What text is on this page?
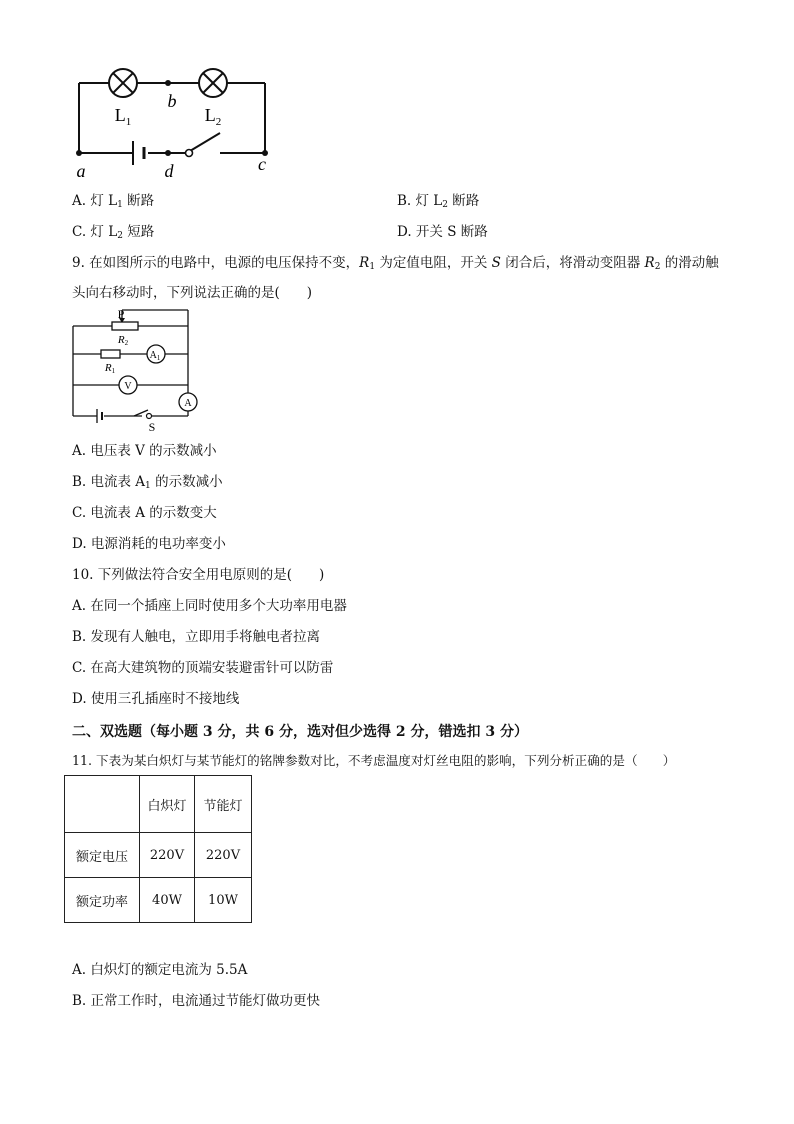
$L_1$	$L_2$
b
a	d	c
A. 灯 $L_1$ 断路	B. 灯 $L_2$ 断路
C. 灯 $L_2$ 短路	D. 开关 S 断路
9. 在如图所示的电路中，电源的电压保持不变，$R_1$ 为定值电阻，开关 S 闭合后，将滑动变阻器 $R_2$ 的滑动触
头向右移动时，下列说法正确的是(　　)
$A_1$
V
A
P
R2
R1
S
A. 电压表 V 的示数减小
B. 电流表 $A_1$ 的示数减小
C. 电流表 A 的示数变大
D. 电源消耗的电功率变小
10. 下列做法符合安全用电原则的是(　　)
A. 在同一个插座上同时使用多个大功率用电器
B. 发现有人触电，立即用手将触电者拉离
C. 在高大建筑物的顶端安装避雷针可以防雷
D. 使用三孔插座时不接地线
二、双选题（每小题 3 分，共 6 分，选对但少选得 2 分，错选扣 3 分）
11. 下表为某白炽灯与某节能灯的铭牌参数对比，不考虑温度对灯丝电阻的影响，下列分析正确的是（　　）
	白炽灯	节能灯
额定电压	220V	220V
额定功率	40W	10W
A. 白炽灯的额定电流为 5.5A
B. 正常工作时，电流通过节能灯做功更快
